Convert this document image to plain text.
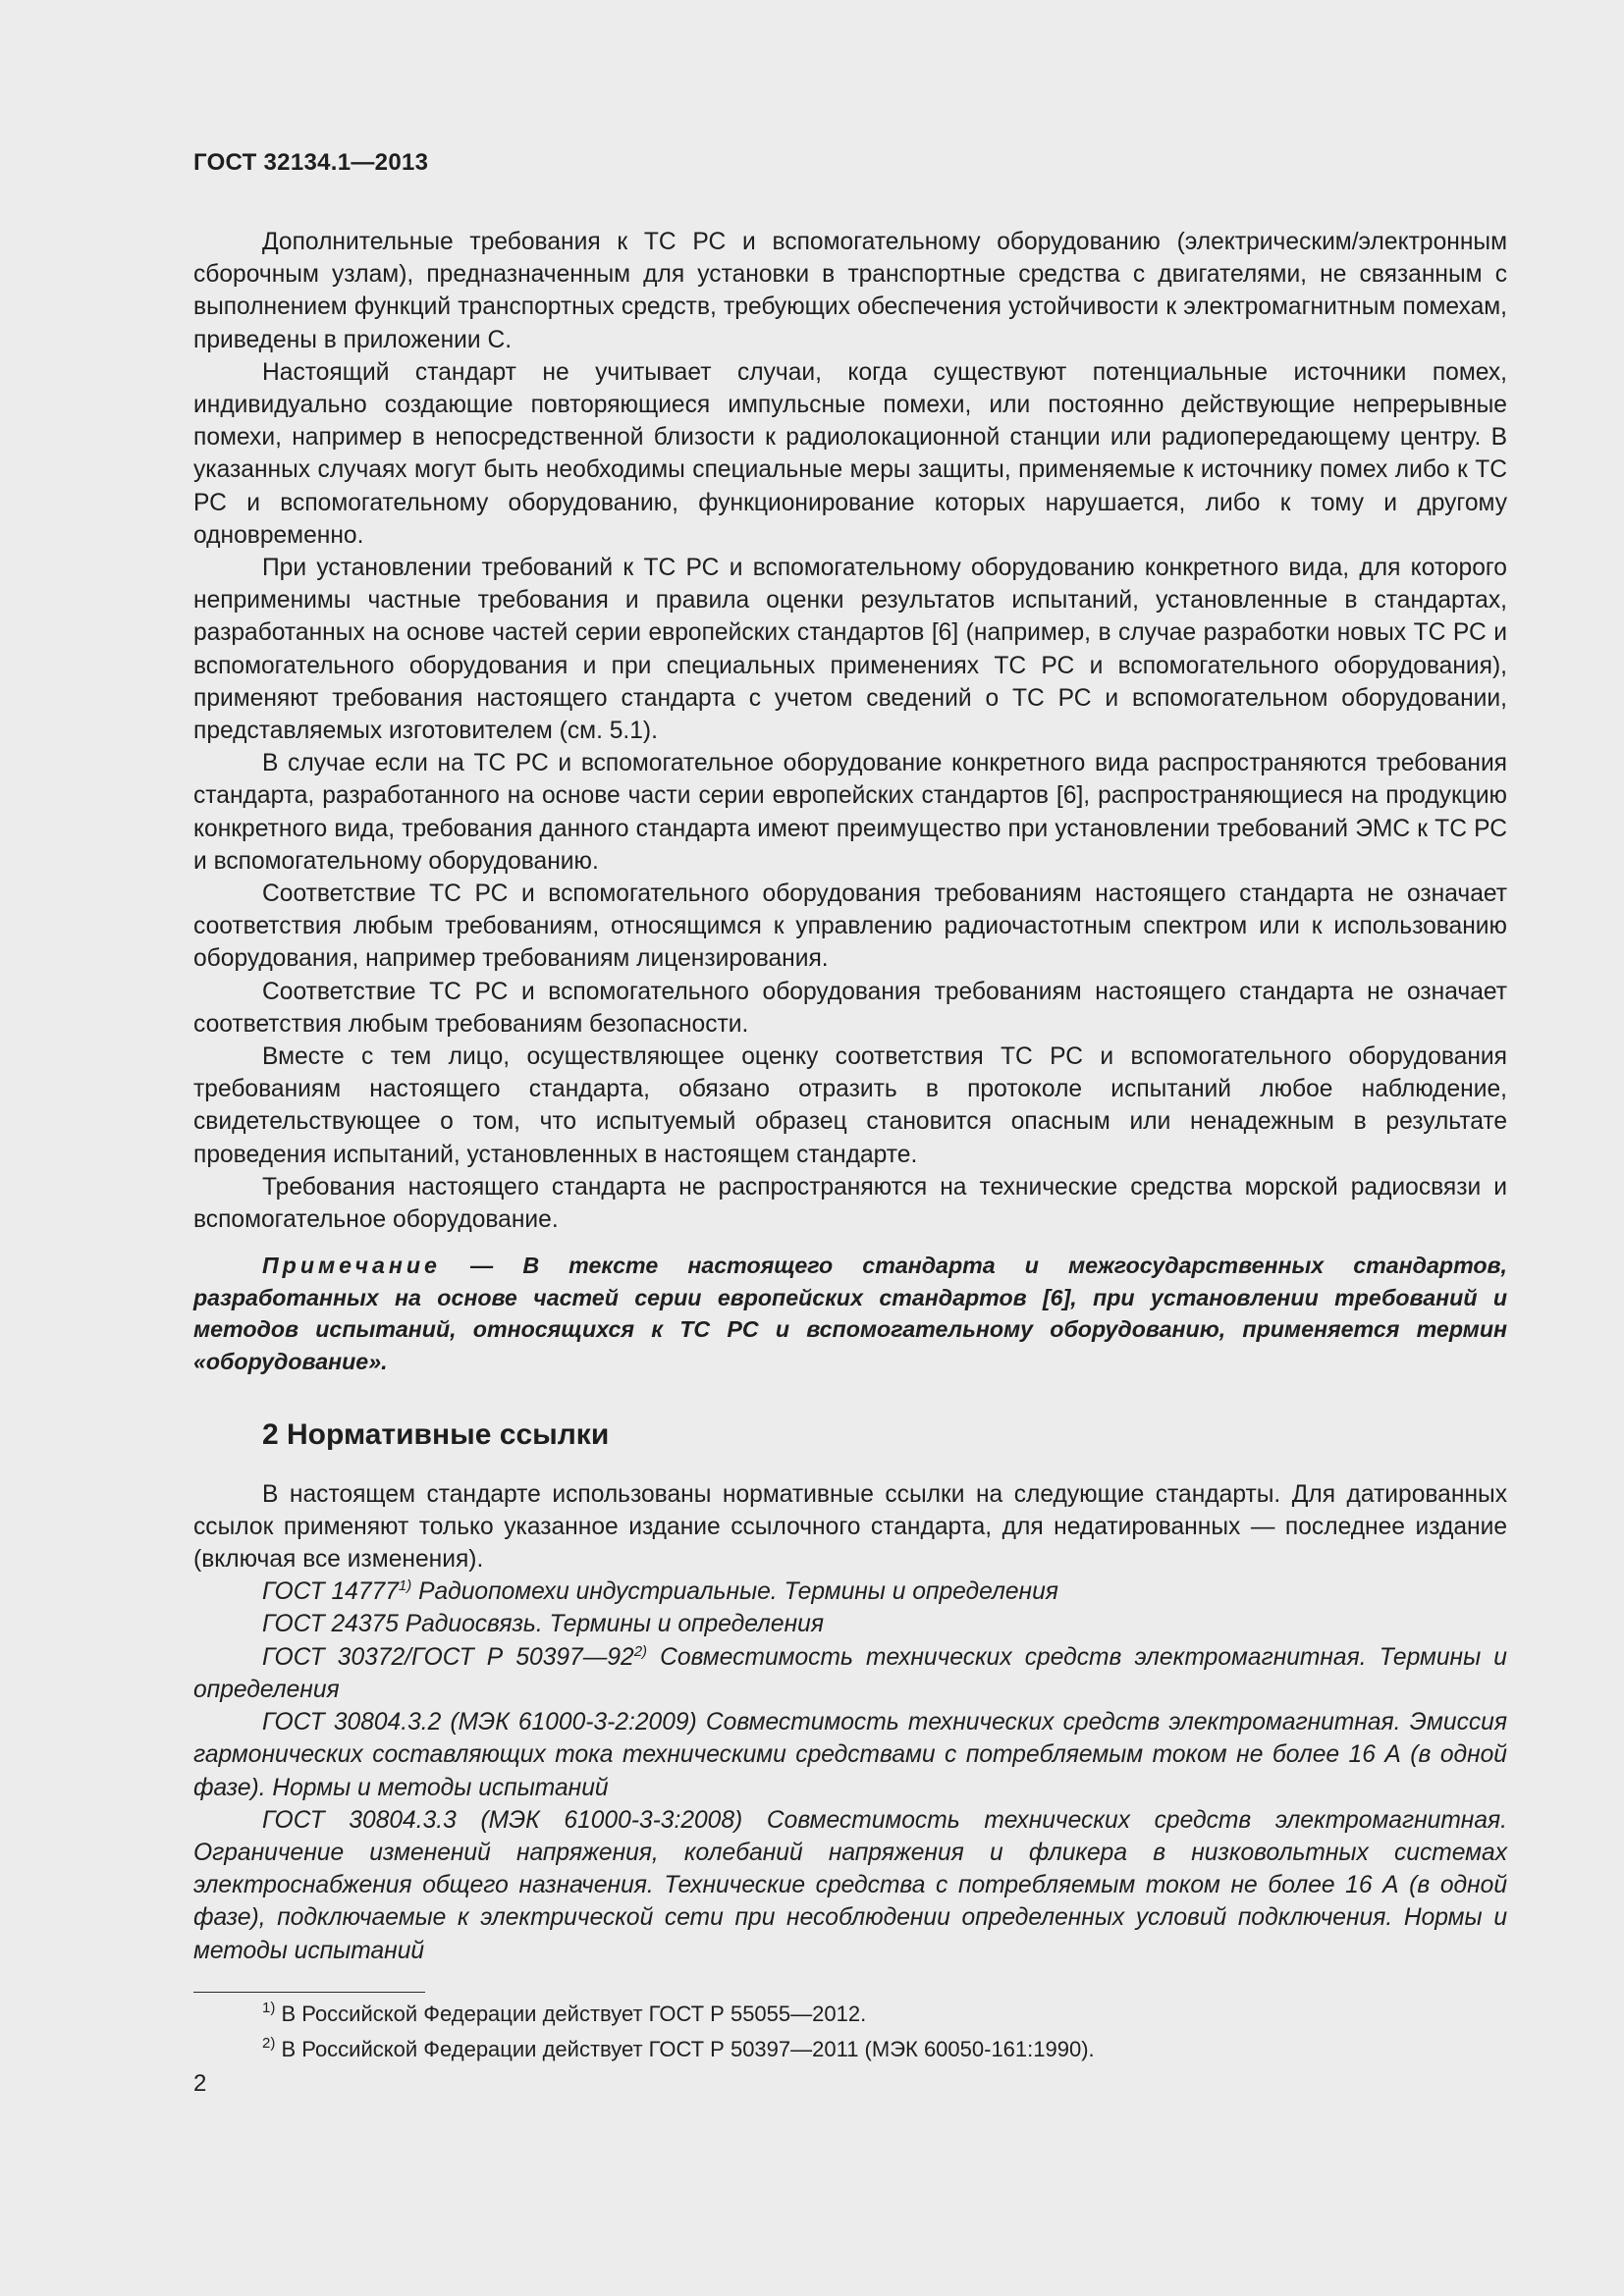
ГОСТ 32134.1—2013

Дополнительные требования к ТС РС и вспомогательному оборудованию (электрическим/электронным сборочным узлам), предназначенным для установки в транспортные средства с двигателями, не связанным с выполнением функций транспортных средств, требующих обеспечения устойчивости к электромагнитным помехам, приведены в приложении С.

Настоящий стандарт не учитывает случаи, когда существуют потенциальные источники помех, индивидуально создающие повторяющиеся импульсные помехи, или постоянно действующие непрерывные помехи, например в непосредственной близости к радиолокационной станции или радиопередающему центру. В указанных случаях могут быть необходимы специальные меры защиты, применяемые к источнику помех либо к ТС РС и вспомогательному оборудованию, функционирование которых нарушается, либо к тому и другому одновременно.

При установлении требований к ТС РС и вспомогательному оборудованию конкретного вида, для которого неприменимы частные требования и правила оценки результатов испытаний, установленные в стандартах, разработанных на основе частей серии европейских стандартов [6] (например, в случае разработки новых ТС РС и вспомогательного оборудования и при специальных применениях ТС РС и вспомогательного оборудования), применяют требования настоящего стандарта с учетом сведений о ТС РС и вспомогательном оборудовании, представляемых изготовителем (см. 5.1).

В случае если на ТС РС и вспомогательное оборудование конкретного вида распространяются требования стандарта, разработанного на основе части серии европейских стандартов [6], распространяющиеся на продукцию конкретного вида, требования данного стандарта имеют преимущество при установлении требований ЭМС к ТС РС и вспомогательному оборудованию.

Соответствие ТС РС и вспомогательного оборудования требованиям настоящего стандарта не означает соответствия любым требованиям, относящимся к управлению радиочастотным спектром или к использованию оборудования, например требованиям лицензирования.

Соответствие ТС РС и вспомогательного оборудования требованиям настоящего стандарта не означает соответствия любым требованиям безопасности.

Вместе с тем лицо, осуществляющее оценку соответствия ТС РС и вспомогательного оборудования требованиям настоящего стандарта, обязано отразить в протоколе испытаний любое наблюдение, свидетельствующее о том, что испытуемый образец становится опасным или ненадежным в результате проведения испытаний, установленных в настоящем стандарте.

Требования настоящего стандарта не распространяются на технические средства морской радиосвязи и вспомогательное оборудование.

Примечание — В тексте настоящего стандарта и межгосударственных стандартов, разработанных на основе частей серии европейских стандартов [6], при установлении требований и методов испытаний, относящихся к ТС РС и вспомогательному оборудованию, применяется термин «оборудование».

2 Нормативные ссылки

В настоящем стандарте использованы нормативные ссылки на следующие стандарты. Для датированных ссылок применяют только указанное издание ссылочного стандарта, для недатированных — последнее издание (включая все изменения).

ГОСТ 14777$^{1)}$ Радиопомехи индустриальные. Термины и определения

ГОСТ 24375 Радиосвязь. Термины и определения

ГОСТ 30372/ГОСТ Р 50397—92$^{2)}$ Совместимость технических средств электромагнитная. Термины и определения

ГОСТ 30804.3.2 (МЭК 61000-3-2:2009) Совместимость технических средств электромагнитная. Эмиссия гармонических составляющих тока техническими средствами с потребляемым током не более 16 А (в одной фазе). Нормы и методы испытаний

ГОСТ 30804.3.3 (МЭК 61000-3-3:2008) Совместимость технических средств электромагнитная. Ограничение изменений напряжения, колебаний напряжения и фликера в низковольтных системах электроснабжения общего назначения. Технические средства с потребляемым током не более 16 А (в одной фазе), подключаемые к электрической сети при несоблюдении определенных условий подключения. Нормы и методы испытаний

$^{1)}$ В Российской Федерации действует ГОСТ Р 55055—2012.

$^{2)}$ В Российской Федерации действует ГОСТ Р 50397—2011 (МЭК 60050-161:1990).

2
